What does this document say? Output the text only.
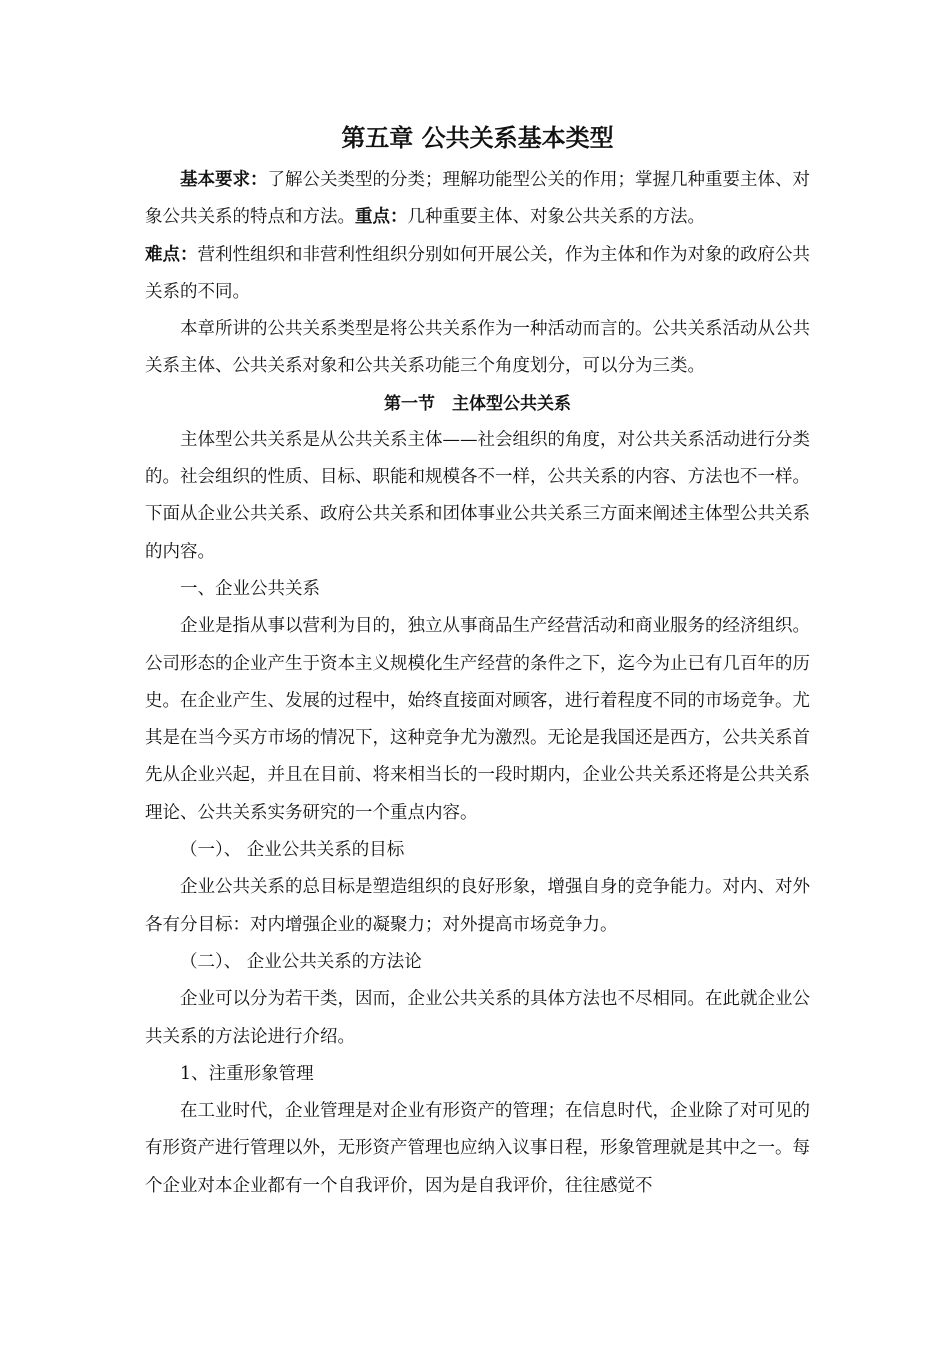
第五章 公共关系基本类型

基本要求：了解公关类型的分类；理解功能型公关的作用；掌握几种重要主体、对象公共关系的特点和方法。重点：几种重要主体、对象公共关系的方法。

难点：营利性组织和非营利性组织分别如何开展公关，作为主体和作为对象的政府公共关系的不同。

本章所讲的公共关系类型是将公共关系作为一种活动而言的。公共关系活动从公共关系主体、公共关系对象和公共关系功能三个角度划分，可以分为三类。

第一节　主体型公共关系

主体型公共关系是从公共关系主体——社会组织的角度，对公共关系活动进行分类的。社会组织的性质、目标、职能和规模各不一样，公共关系的内容、方法也不一样。下面从企业公共关系、政府公共关系和团体事业公共关系三方面来阐述主体型公共关系的内容。

一、企业公共关系

企业是指从事以营利为目的，独立从事商品生产经营活动和商业服务的经济组织。公司形态的企业产生于资本主义规模化生产经营的条件之下，迄今为止已有几百年的历史。在企业产生、发展的过程中，始终直接面对顾客，进行着程度不同的市场竞争。尤其是在当今买方市场的情况下，这种竞争尤为激烈。无论是我国还是西方，公共关系首先从企业兴起，并且在目前、将来相当长的一段时期内，企业公共关系还将是公共关系理论、公共关系实务研究的一个重点内容。

（一）、 企业公共关系的目标

企业公共关系的总目标是塑造组织的良好形象，增强自身的竞争能力。对内、对外各有分目标：对内增强企业的凝聚力；对外提高市场竞争力。

（二）、 企业公共关系的方法论

企业可以分为若干类，因而，企业公共关系的具体方法也不尽相同。在此就企业公共关系的方法论进行介绍。

1、注重形象管理

在工业时代，企业管理是对企业有形资产的管理；在信息时代，企业除了对可见的有形资产进行管理以外，无形资产管理也应纳入议事日程，形象管理就是其中之一。每个企业对本企业都有一个自我评价，因为是自我评价，往往感觉不
